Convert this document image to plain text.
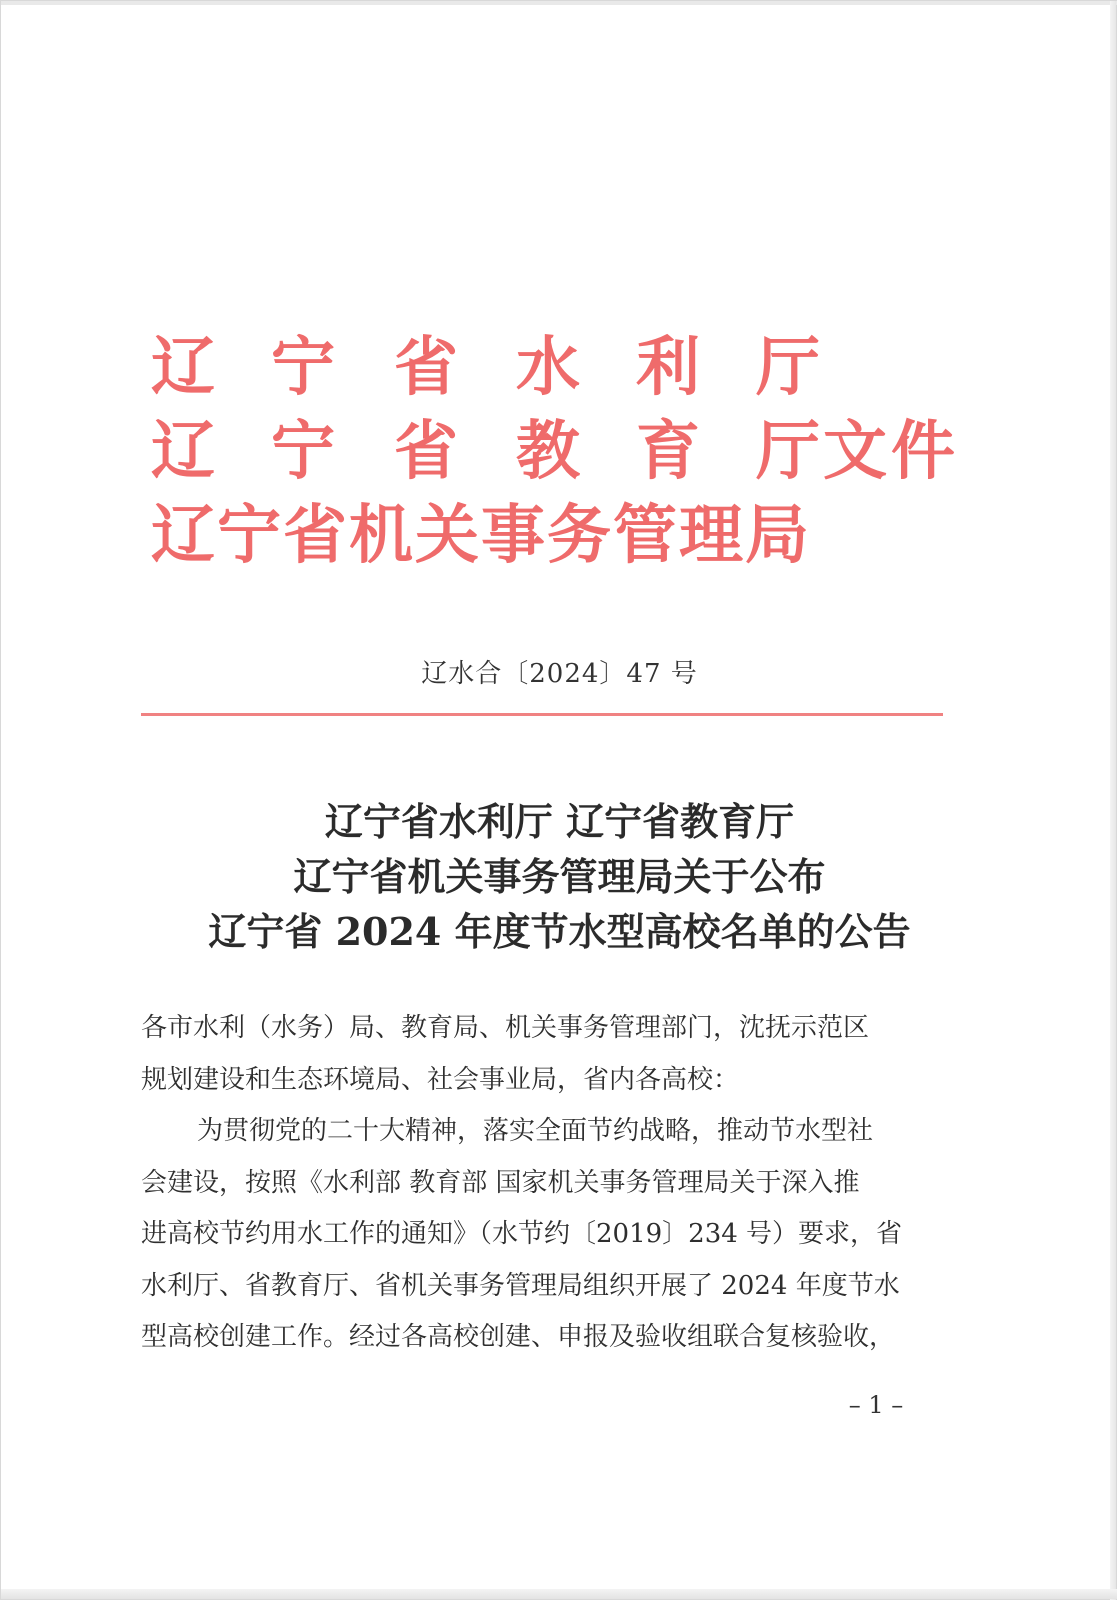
辽 宁 省 水 利 厅
辽 宁 省 教 育 厅 文 件
辽宁省机关事务管理局
辽水合〔2024〕47 号
辽宁省水利厅 辽宁省教育厅
辽宁省机关事务管理局关于公布
辽宁省 2024 年度节水型高校名单的公告
各市水利（水务）局、教育局、机关事务管理部门，沈抚示范区
规划建设和生态环境局、社会事业局，省内各高校：
为贯彻党的二十大精神，落实全面节约战略，推动节水型社
会建设，按照《水利部 教育部 国家机关事务管理局关于深入推
进高校节约用水工作的通知》（水节约〔2019〕234 号）要求，省
水利厅、省教育厅、省机关事务管理局组织开展了 2024 年度节水
型高校创建工作。经过各高校创建、申报及验收组联合复核验收，
– 1 –
